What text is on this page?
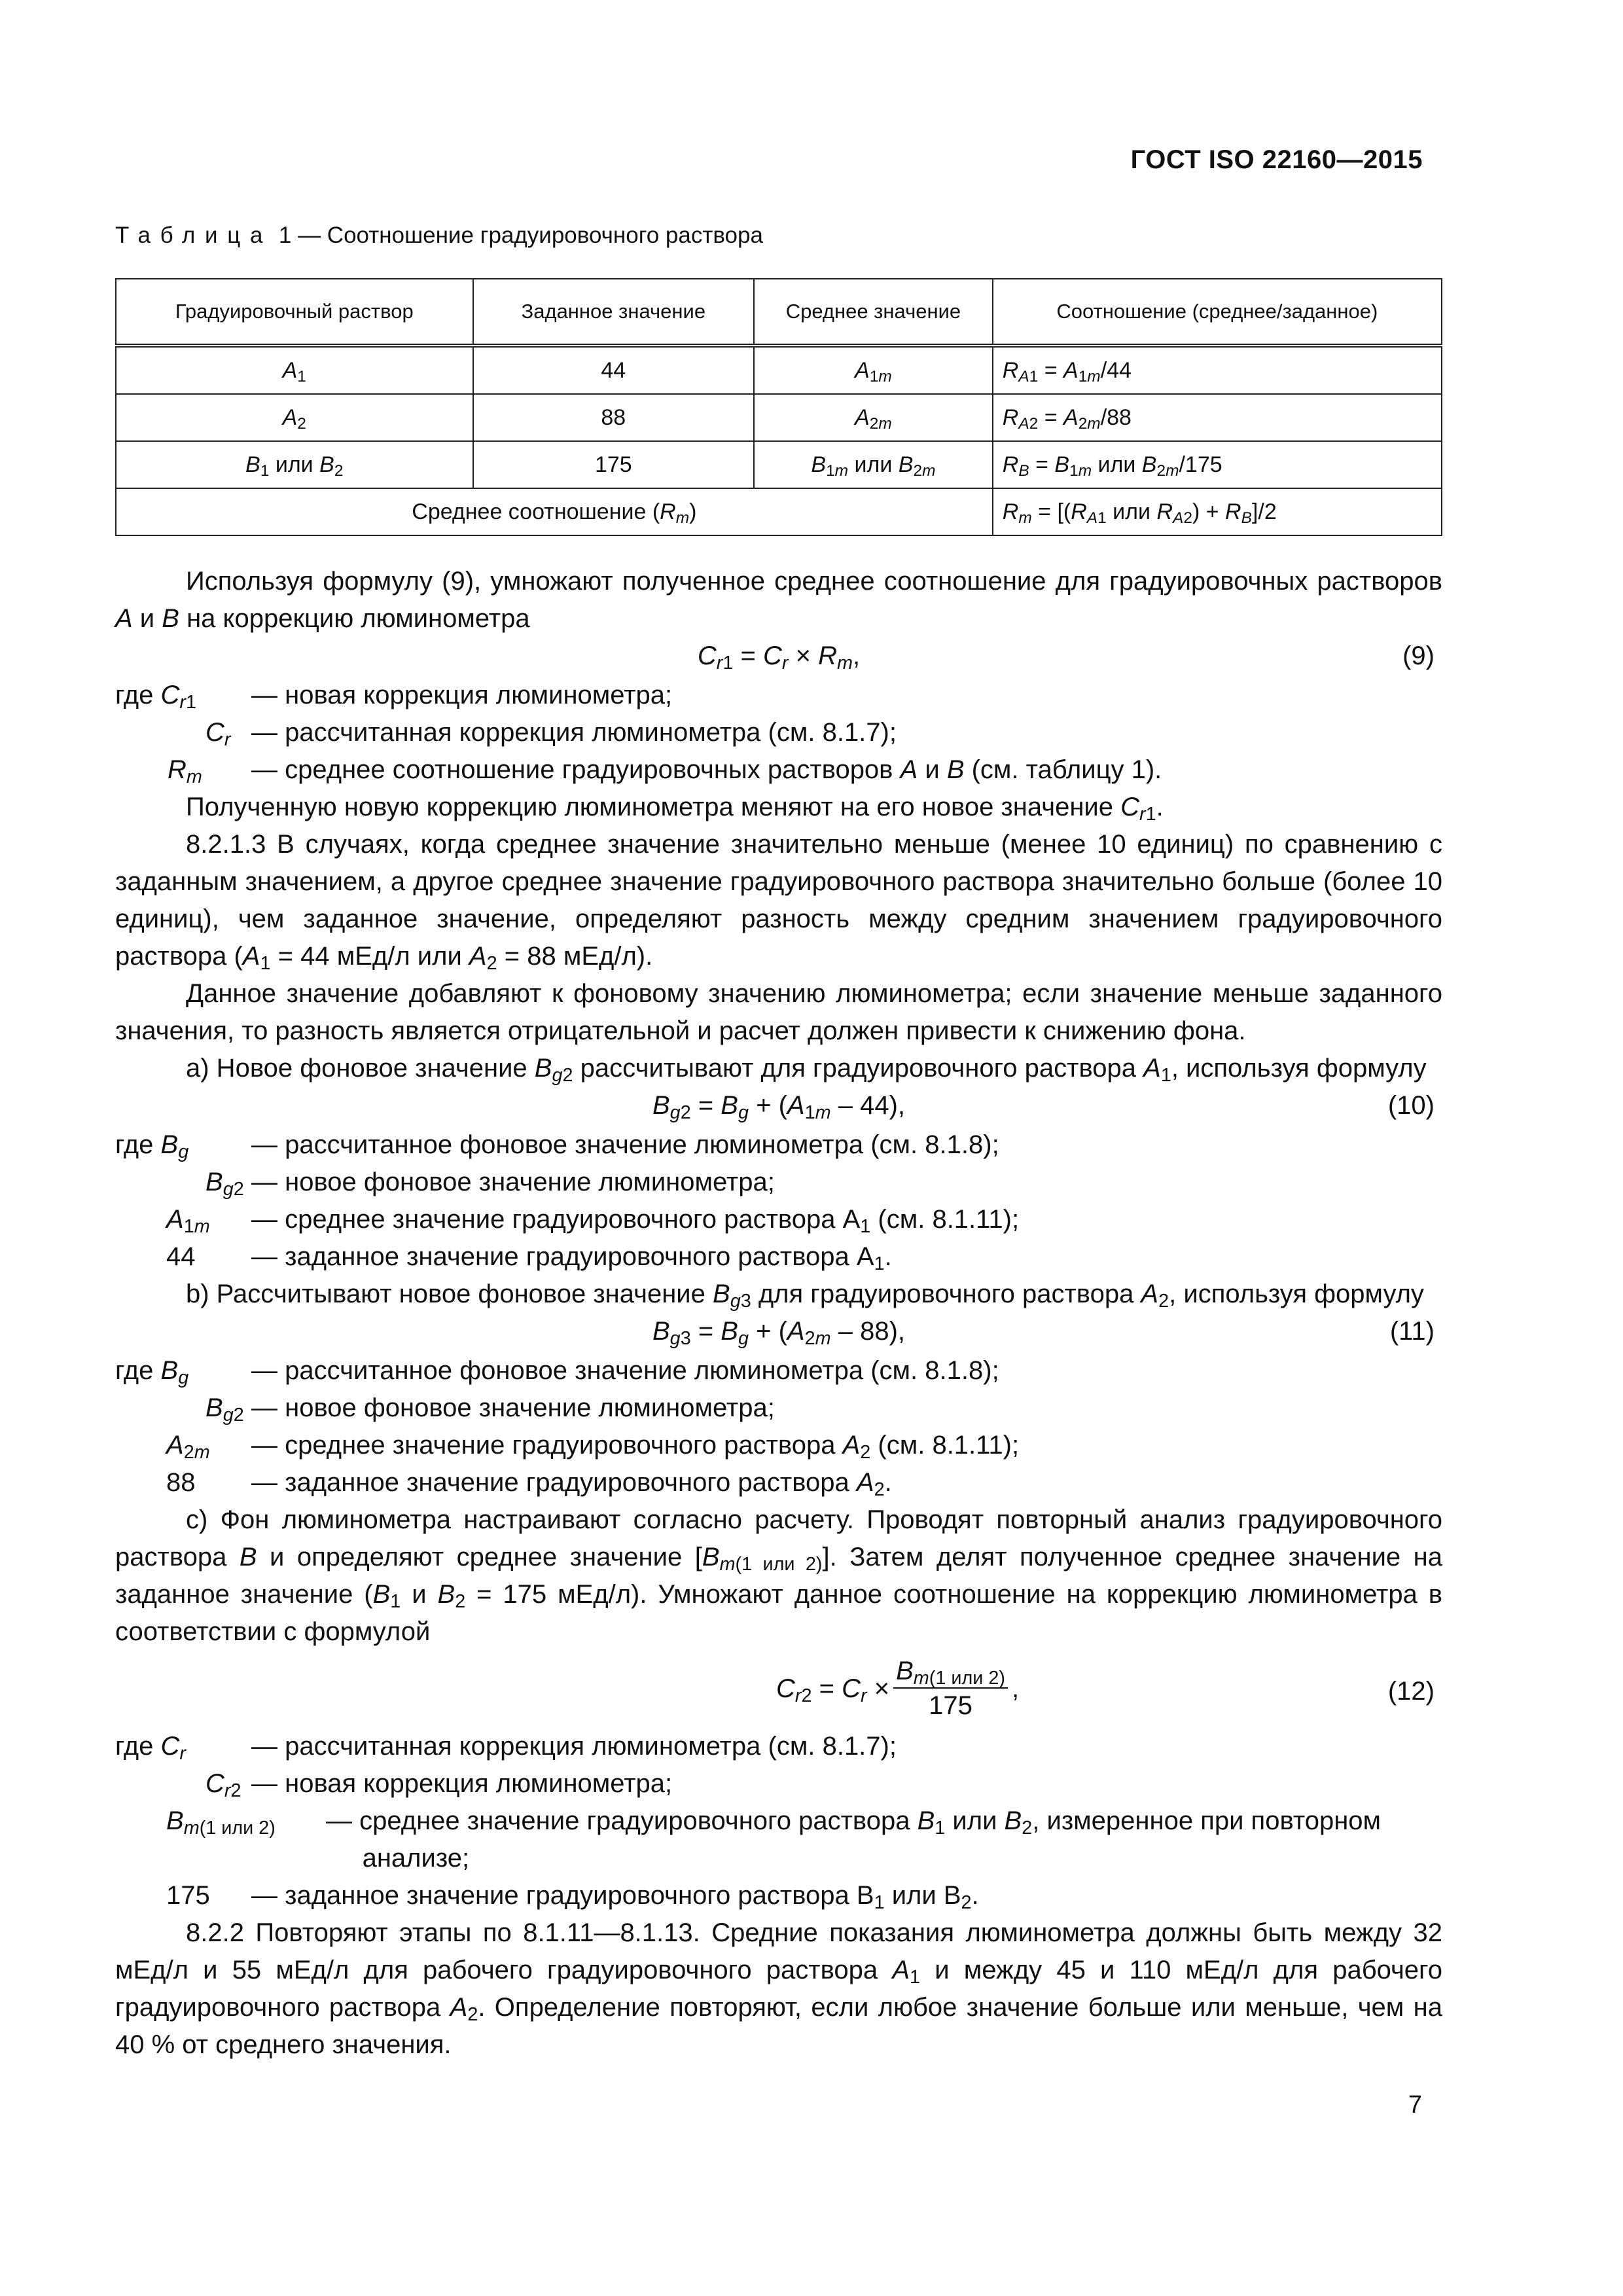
ГОСТ ISO 22160—2015
Таблица 1 — Соотношение градуировочного раствора
Градуировочный раствор	Заданное значение	Среднее значение	Соотношение (среднее/заданное)
$A_1$	44	$A_{1m}$	$R_{A1} = A_{1m}/44$
$A_2$	88	$A_{2m}$	$R_{A2} = A_{2m}/88$
$B_1$ или $B_2$	175	$B_{1m}$ или $B_{2m}$	$R_B = B_{1m}$ или $B_{2m}/175$
Среднее соотношение $(R_m)$			$R_m = [(R_{A1}$ или $R_{A2}) + R_B]/2$

Используя формулу (9), умножают полученное среднее соотношение для градуировочных растворов A и B на коррекцию люминометра

$C_{r1} = C_r \times R_m$,	(9)
где $C_{r1}$	— новая коррекция люминометра;
$C_r$ — рассчитанная коррекция люминометра (см. 8.1.7);
$R_m$	— среднее соотношение градуировочных растворов A и B (см. таблицу 1).

Полученную новую коррекцию люминометра меняют на его новое значение $C_{r1}$.

8.2.1.3 В случаях, когда среднее значение значительно меньше (менее 10 единиц) по сравнению с заданным значением, а другое среднее значение градуировочного раствора значительно больше (более 10 единиц), чем заданное значение, определяют разность между средним значением градуировочного раствора ($A_1 = 44$ мЕд/л или $A_2 = 88$ мЕд/л).

Данное значение добавляют к фоновому значению люминометра; если значение меньше заданного значения, то разность является отрицательной и расчет должен привести к снижению фона.

a) Новое фоновое значение $B_{g2}$ рассчитывают для градуировочного раствора $A_1$, используя формулу

$B_{g2} = B_g + (A_{1m} - 44)$,	(10)
где $B_g$	— рассчитанное фоновое значение люминометра (см. 8.1.8);
$B_{g2}$ — новое фоновое значение люминометра;
$A_{1m}$	— среднее значение градуировочного раствора $A_1$ (см. 8.1.11);
44	— заданное значение градуировочного раствора $A_1$.

b) Рассчитывают новое фоновое значение $B_{g3}$ для градуировочного раствора $A_2$, используя формулу

$B_{g3} = B_g + (A_{2m} - 88)$,	(11)
где $B_g$	— рассчитанное фоновое значение люминометра (см. 8.1.8);
$B_{g2}$ — новое фоновое значение люминометра;
$A_{2m}$	— среднее значение градуировочного раствора $A_2$ (см. 8.1.11);
88	— заданное значение градуировочного раствора $A_2$.

c) Фон люминометра настраивают согласно расчету. Проводят повторный анализ градуировочного раствора B и определяют среднее значение $[B_{m(1 или 2)}]$. Затем делят полученное среднее значение на заданное значение ($B_1$ и $B_2 = 175$ мЕд/л). Умножают данное соотношение на коррекцию люминометра в соответствии с формулой

$C_{r2} = C_r \times \frac{B_{m(1 или 2)}}{175}$ ,	(12)
где $C_r$	— рассчитанная коррекция люминометра (см. 8.1.7);
$C_{r2}$ — новая коррекция люминометра;
$B_{m(1 или 2)}$	— среднее значение градуировочного раствора $B_1$ или $B_2$, измеренное при повторном
анализе;
175	— заданное значение градуировочного раствора $B_1$ или $B_2$.

8.2.2 Повторяют этапы по 8.1.11—8.1.13. Средние показания люминометра должны быть между 32 мЕд/л и 55 мЕд/л для рабочего градуировочного раствора $A_1$ и между 45 и 110 мЕд/л для рабочего градуировочного раствора $A_2$. Определение повторяют, если любое значение больше или меньше, чем на 40 % от среднего значения.

7
